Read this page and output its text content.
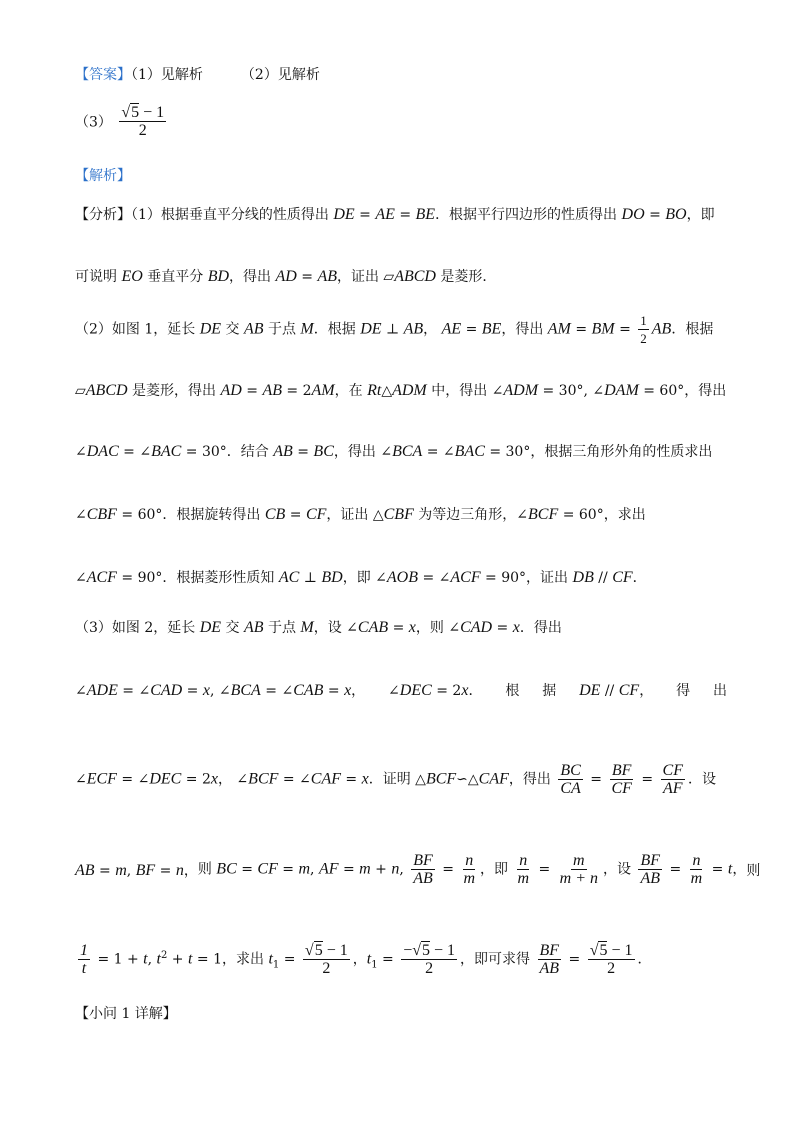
【答案】（1）见解析	（2）见解析
$(3) \frac{√5 - 1}{2}$
【解析】
【分析】（1）根据垂直平分线的性质得出 DE = AE = BE．根据平行四边形的性质得出 DO = BO，即
可说明 EO 垂直平分 BD，得出 AD = AB，证出 ▱ABCD 是菱形．
（2）如图 1，延长 DE 交 AB 于点 M．根据 DE ⊥ AB， AE = BE，得出 AM = BM = $\frac{1}{2}$ AB．根据
▱ABCD 是菱形，得出 AD = AB = 2AM，在 Rt△ADM 中，得出 ∠ADM = 30°, ∠DAM = 60°，得出
∠DAC = ∠BAC = 30°．结合 AB = BC，得出 ∠BCA = ∠BAC = 30°，根据三角形外角的性质求出
∠CBF = 60°．根据旋转得出 CB = CF，证出 △CBF 为等边三角形，∠BCF = 60°，求出
∠ACF = 90°．根据菱形性质知 AC ⊥ BD，即 ∠AOB = ∠ACF = 90°，证出 DB // CF．
（3）如图 2，延长 DE 交 AB 于点 M，设 ∠CAB = x，则 ∠CAD = x．得出
∠ADE = ∠CAD = x, ∠BCA = ∠CAB = x， ∠DEC = 2x． 根 据 DE // CF， 得 出
∠ECF = ∠DEC = 2x， ∠BCF = ∠CAF = x．证明 △BCF∽△CAF，得出 $\frac{BC}{CA} = \frac{BF}{CF} = \frac{CF}{AF}$ ．设
AB = m, BF = n， 则 BC = CF = m, AF = m + n, $\frac{BF}{AB} = \frac{n}{m}$ ， 即 $\frac{n}{m} = \frac{m}{m + n}$ ， 设 $\frac{BF}{AB} = \frac{n}{m} = t$， 则
$\frac{1}{t} = 1 + t$, $t^2 + t = 1$，求出 $t_1 = \frac{√5 - 1}{2}$ ，$t_1 = \frac{-√5 - 1}{2}$ ，即可求得 $\frac{BF}{AB} = \frac{√5 - 1}{2}$ ．
【小问 1 详解】
